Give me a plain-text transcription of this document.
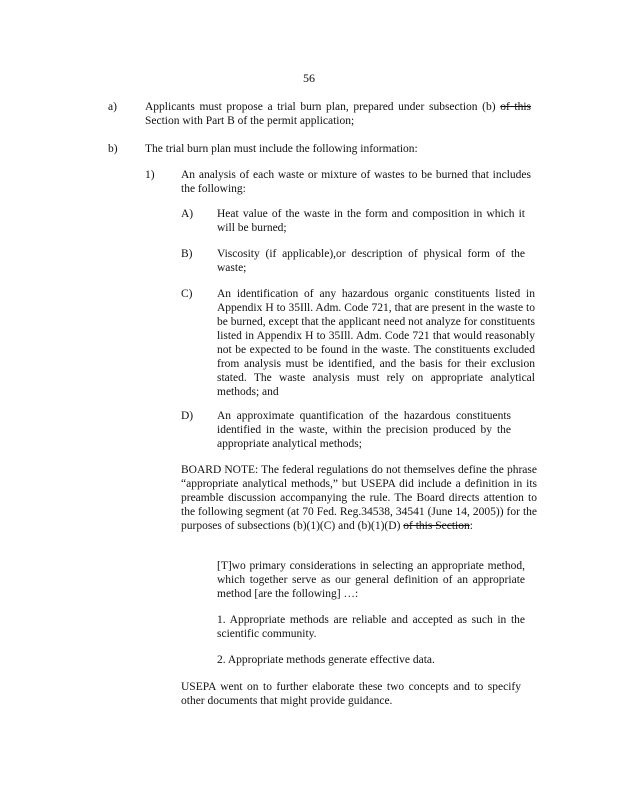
56
a) Applicants must propose a trial burn plan, prepared under subsection (b) of this Section with Part B of the permit application;
b) The trial burn plan must include the following information:
1) An analysis of each waste or mixture of wastes to be burned that includes the following:
A) Heat value of the waste in the form and composition in which it will be burned;
B) Viscosity (if applicable),or description of physical form of the waste;
C) An identification of any hazardous organic constituents listed in Appendix H to 35Ill. Adm. Code 721, that are present in the waste to be burned, except that the applicant need not analyze for constituents listed in Appendix H to 35Ill. Adm. Code 721 that would reasonably not be expected to be found in the waste. The constituents excluded from analysis must be identified, and the basis for their exclusion stated. The waste analysis must rely on appropriate analytical methods; and
D) An approximate quantification of the hazardous constituents identified in the waste, within the precision produced by the appropriate analytical methods;
BOARD NOTE: The federal regulations do not themselves define the phrase “appropriate analytical methods,” but USEPA did include a definition in its preamble discussion accompanying the rule. The Board directs attention to the following segment (at 70 Fed. Reg.34538, 34541 (June 14, 2005)) for the purposes of subsections (b)(1)(C) and (b)(1)(D) of this Section:
[T]wo primary considerations in selecting an appropriate method, which together serve as our general definition of an appropriate method [are the following] …:
1. Appropriate methods are reliable and accepted as such in the scientific community.
2. Appropriate methods generate effective data.
USEPA went on to further elaborate these two concepts and to specify other documents that might provide guidance.
